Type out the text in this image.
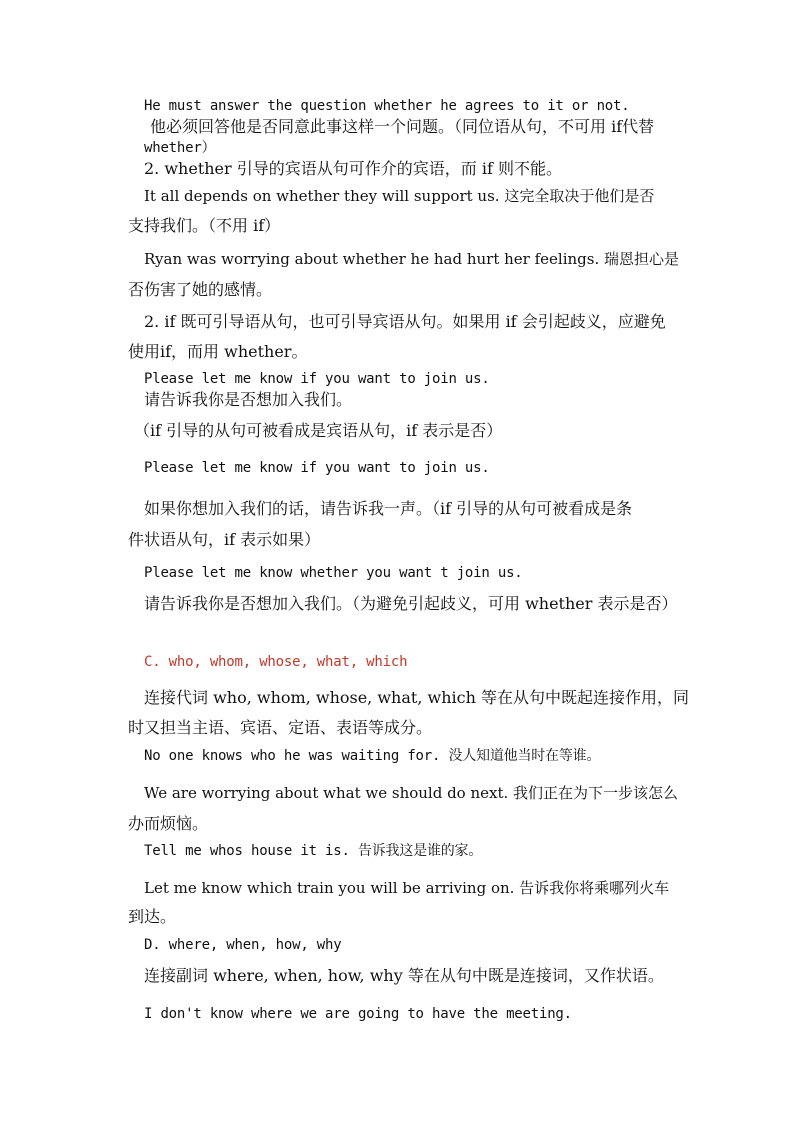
He must answer the question whether he agrees to it or not.
他必须回答他是否同意此事这样一个问题。（同位语从句，不可用 if代替
whether）
2. whether 引导的宾语从句可作介的宾语，而 if 则不能。
It all depends on whether they will support us. 这完全取决于他们是否
支持我们。（不用 if）
Ryan was worrying about whether he had hurt her feelings. 瑞恩担心是
否伤害了她的感情。
2. if 既可引导语从句，也可引导宾语从句。如果用 if 会引起歧义，应避免
使用if，而用 whether。
Please let me know if you want to join us.
请告诉我你是否想加入我们。
（if 引导的从句可被看成是宾语从句，if 表示是否）
Please let me know if you want to join us.
如果你想加入我们的话，请告诉我一声。（if 引导的从句可被看成是条
件状语从句，if 表示如果）
Please let me know whether you want t join us.
请告诉我你是否想加入我们。（为避免引起歧义，可用 whether 表示是否）
C. who, whom, whose, what, which
连接代词 who, whom, whose, what, which 等在从句中既起连接作用，同
时又担当主语、宾语、定语、表语等成分。
No one knows who he was waiting for. 没人知道他当时在等谁。
We are worrying about what we should do next. 我们正在为下一步该怎么
办而烦恼。
Tell me whos house it is. 告诉我这是谁的家。
Let me know which train you will be arriving on. 告诉我你将乘哪列火车
到达。
D. where, when, how, why
连接副词 where, when, how, why 等在从句中既是连接词，又作状语。
I don't know where we are going to have the meeting.
